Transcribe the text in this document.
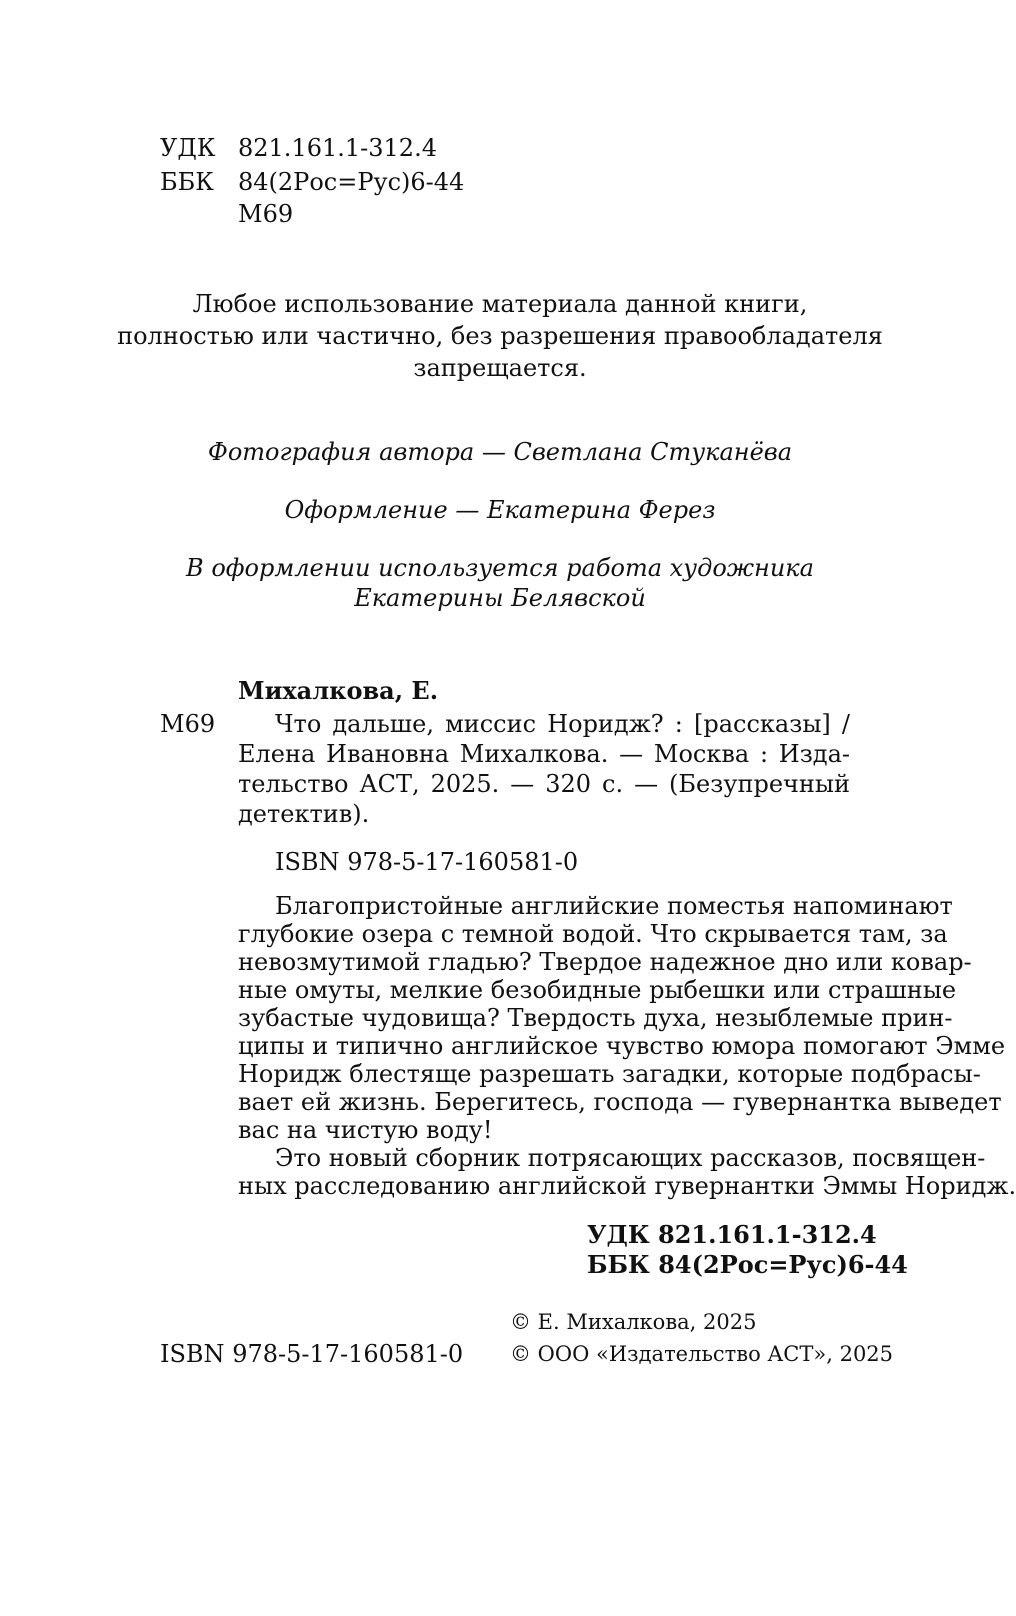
УДК 821.161.1-312.4
ББК 84(2Рос=Рус)6-44
М69
Любое использование материала данной книги,
полностью или частично, без разрешения правообладателя
запрещается.
Фотография автора — Светлана Стуканёва
Оформление — Екатерина Ферез
В оформлении используется работа художника
Екатерины Белявской
Михалкова, Е.
М69 Что дальше, миссис Норидж? : [рассказы] /
Елена Ивановна Михалкова. — Москва : Изда-
тельство АСТ, 2025. — 320 с. — (Безупречный
детектив).
ISBN 978-5-17-160581-0
Благопристойные английские поместья напоминают
глубокие озера с темной водой. Что скрывается там, за
невозмутимой гладью? Твердое надежное дно или ковар-
ные омуты, мелкие безобидные рыбешки или страшные
зубастые чудовища? Твердость духа, незыблемые прин-
ципы и типично английское чувство юмора помогают Эмме
Норидж блестяще разрешать загадки, которые подбрасы-
вает ей жизнь. Берегитесь, господа — гувернантка выведет
вас на чистую воду!
Это новый сборник потрясающих рассказов, посвящен-
ных расследованию английской гувернантки Эммы Норидж.
УДК 821.161.1-312.4
ББК 84(2Рос=Рус)6-44
© Е. Михалкова, 2025
ISBN 978-5-17-160581-0 © ООО «Издательство АСТ», 2025
